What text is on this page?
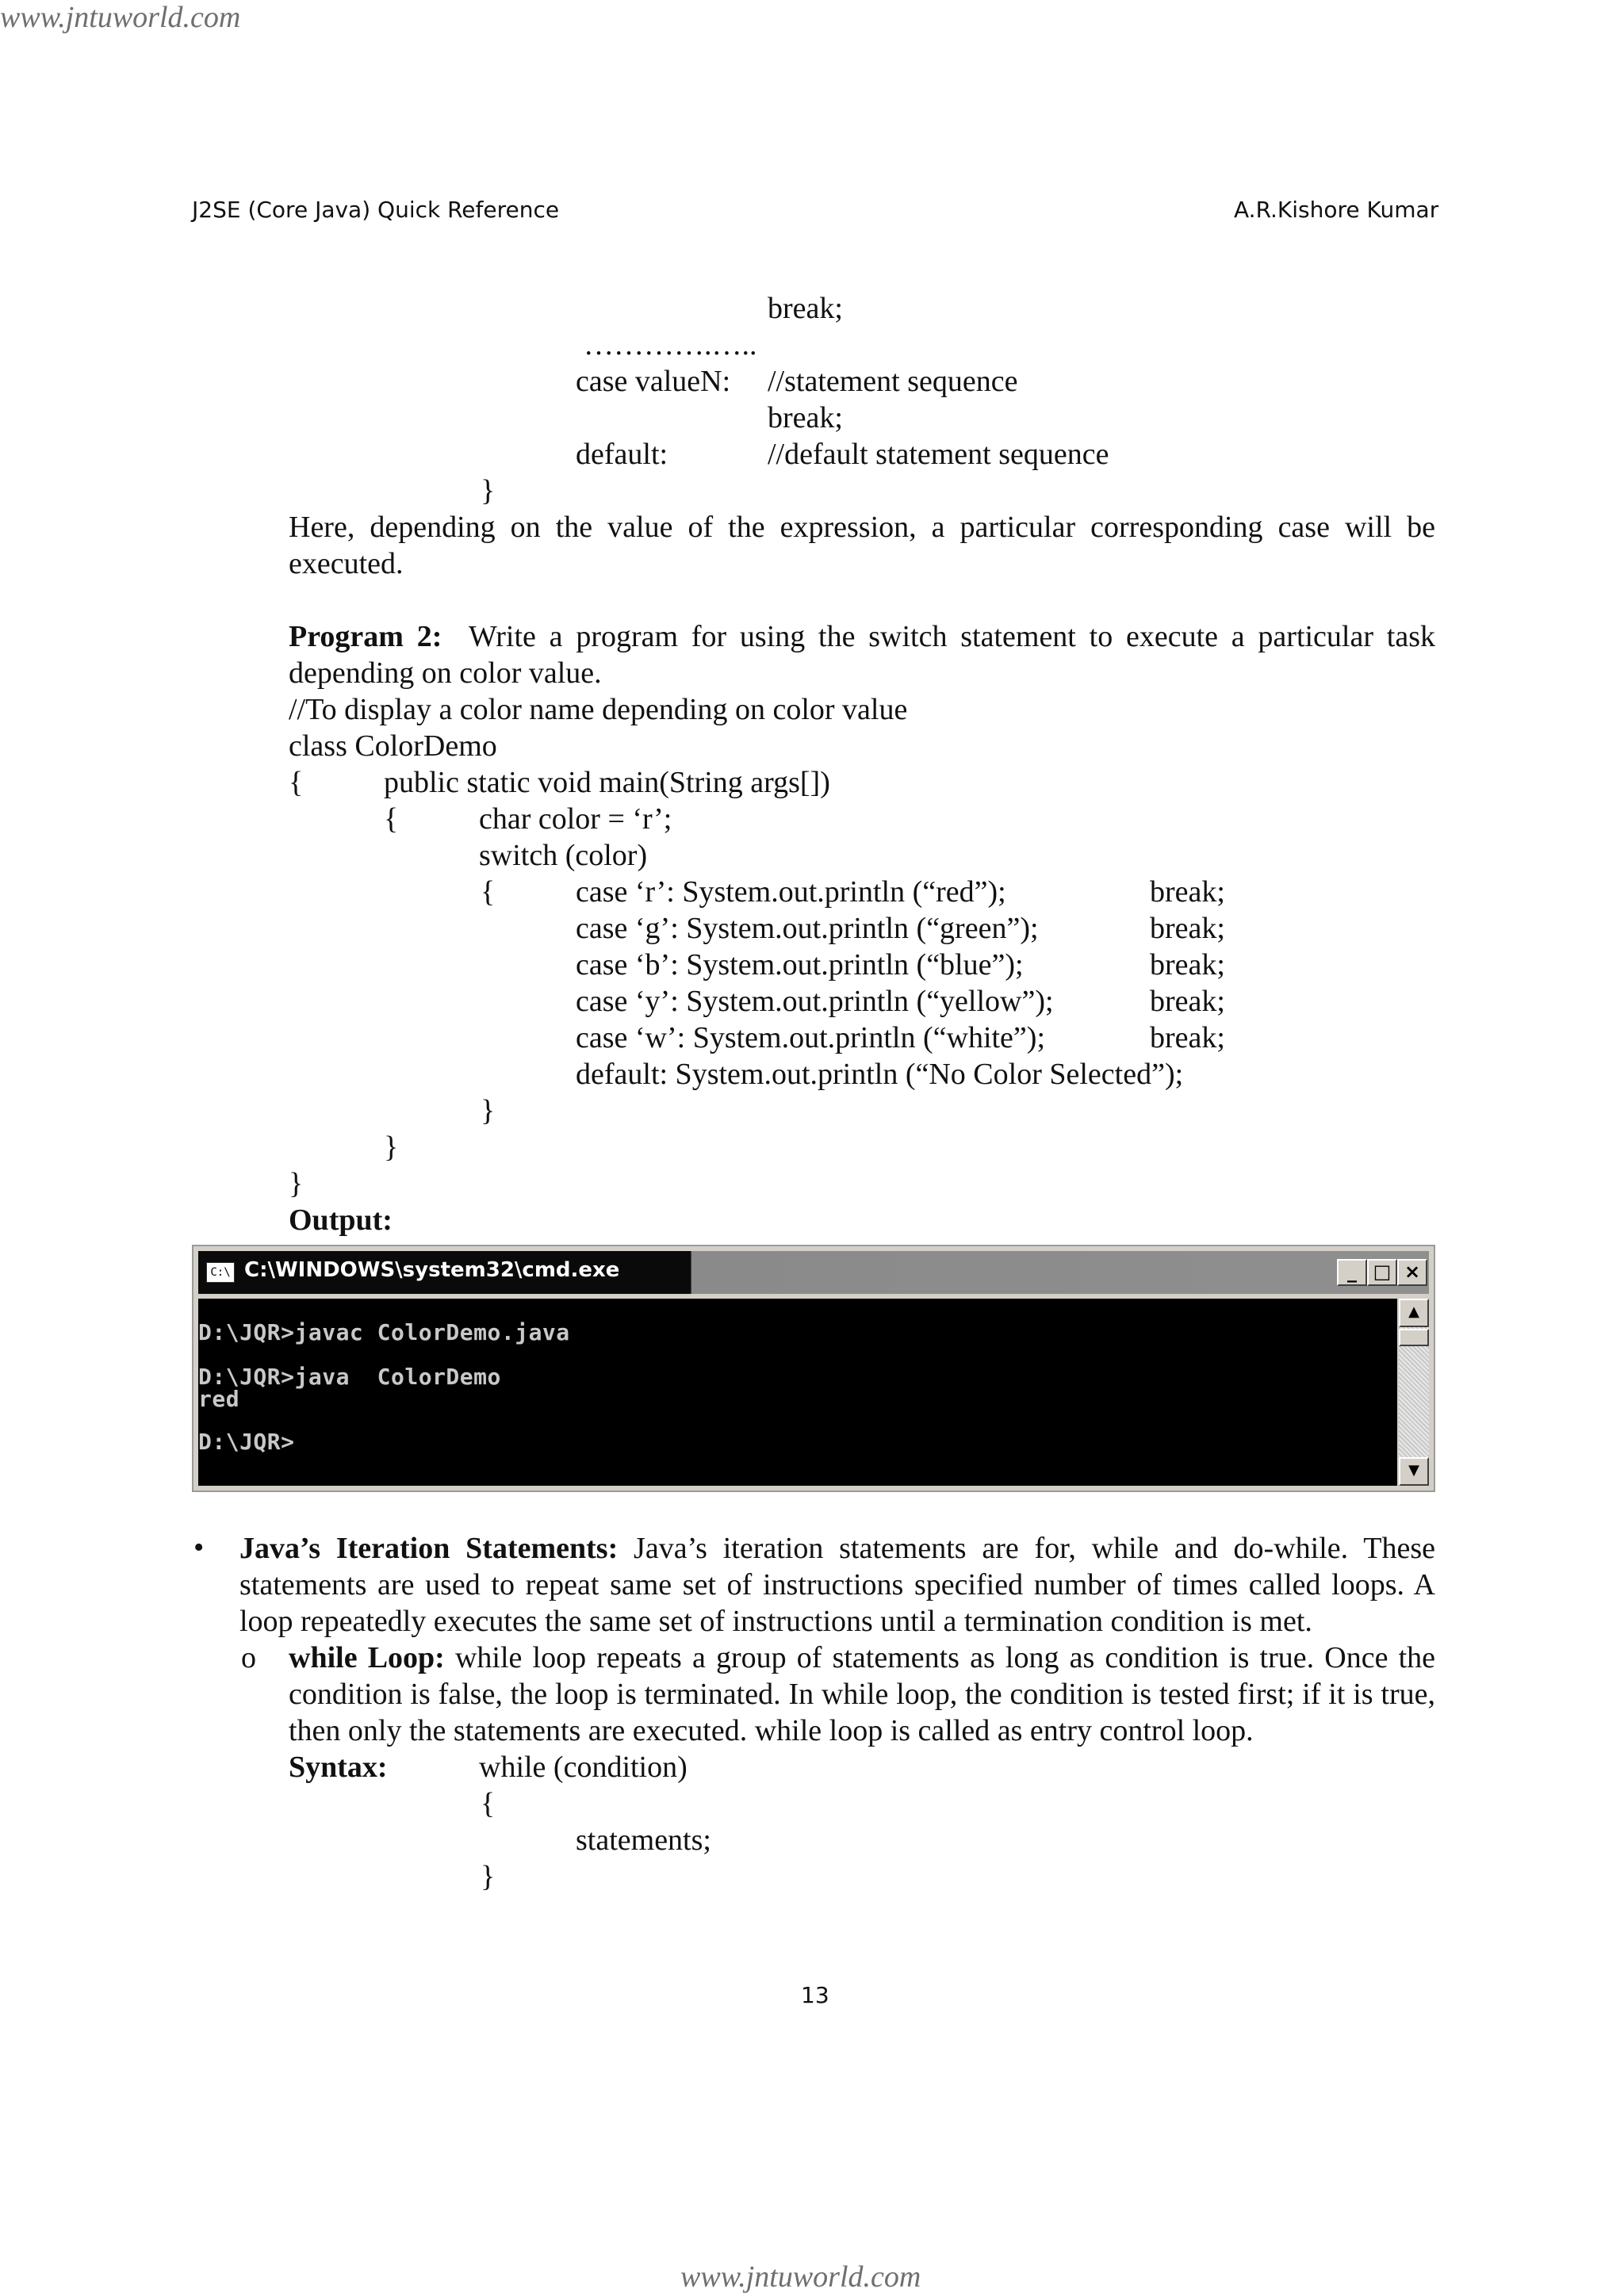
www.jntuworld.com
J2SE (Core Java) Quick Reference	A.R.Kishore Kumar
break;
………….…..
case valueN: //statement sequence
break;
default:	//default statement sequence
}
Here, depending on the value of the expression, a particular corresponding case will be executed.
Program 2: Write a program for using the switch statement to execute a particular task depending on color value.
//To display a color name depending on color value
class ColorDemo
{	public static void main(String args[])
{	char color = ‘r’;
switch (color)
{	case ‘r’: System.out.println (“red”);	break;
case ‘g’: System.out.println (“green”);	break;
case ‘b’: System.out.println (“blue”);	break;
case ‘y’: System.out.println (“yellow”);	break;
case ‘w’: System.out.println (“white”);	break;
default: System.out.println (“No Color Selected”);
}
}
}
Output:
C:\ C:\WINDOWS\system32\cmd.exe	_ □ ×
D:\JQR>javac ColorDemo.java
D:\JQR>java  ColorDemo
red
D:\JQR>
▲
▼
• Java’s Iteration Statements: Java’s iteration statements are for, while and do-while. These statements are used to repeat same set of instructions specified number of times called loops. A loop repeatedly executes the same set of instructions until a termination condition is met.
o while Loop: while loop repeats a group of statements as long as condition is true. Once the condition is false, the loop is terminated. In while loop, the condition is tested first; if it is true, then only the statements are executed. while loop is called as entry control loop.
Syntax:	while (condition)
{
statements;
}
13
www.jntuworld.com
